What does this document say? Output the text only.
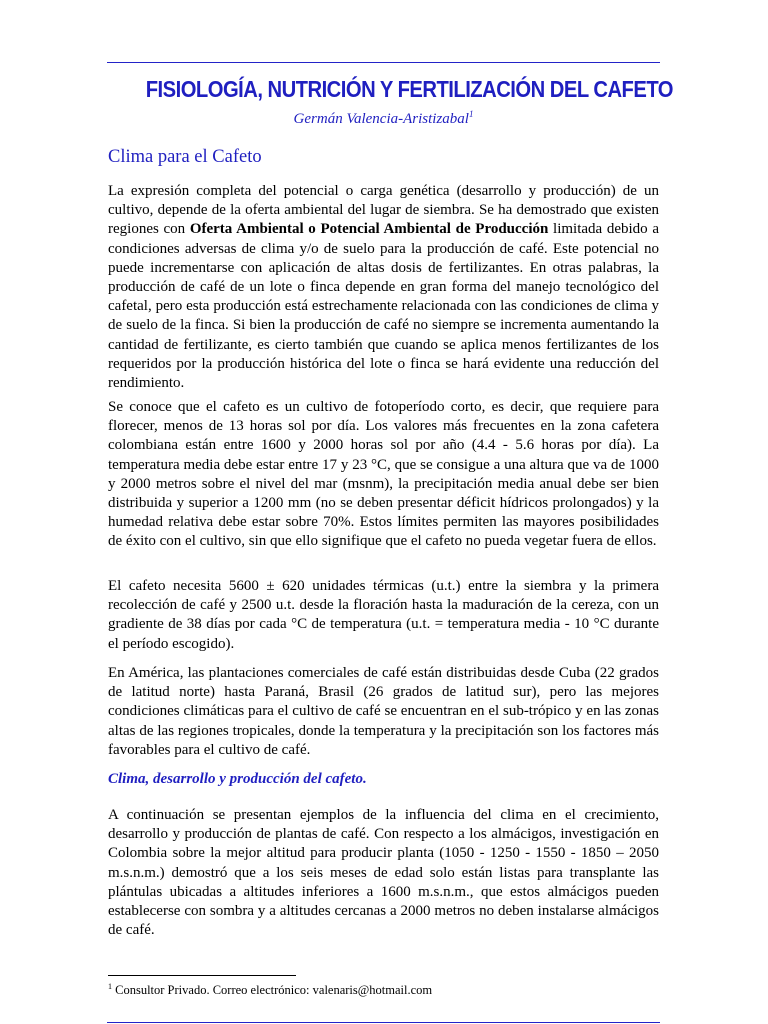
FISIOLOGÍA, NUTRICIÓN Y FERTILIZACIÓN DEL CAFETO
Germán Valencia-Aristizabal$^1$
Clima para el Cafeto

La expresión completa del potencial o carga genética (desarrollo y producción) de un cultivo, depende de la oferta ambiental del lugar de siembra. Se ha demostrado que existen regiones con Oferta Ambiental o Potencial Ambiental de Producción limitada debido a condiciones adversas de clima y/o de suelo para la producción de café. Este potencial no puede incrementarse con aplicación de altas dosis de fertilizantes. En otras palabras, la producción de café de un lote o finca depende en gran forma del manejo tecnológico del cafetal, pero esta producción está estrechamente relacionada con las condiciones de clima y de suelo de la finca. Si bien la producción de café no siempre se incrementa aumentando la cantidad de fertilizante, es cierto también que cuando se aplica menos fertilizantes de los requeridos por la producción histórica del lote o finca se hará evidente una reducción del rendimiento.

Se conoce que el cafeto es un cultivo de fotoperíodo corto, es decir, que requiere para florecer, menos de 13 horas sol por día. Los valores más frecuentes en la zona cafetera colombiana están entre 1600 y 2000 horas sol por año (4.4 - 5.6 horas por día). La temperatura media debe estar entre 17 y 23 °C, que se consigue a una altura que va de 1000 y 2000 metros sobre el nivel del mar (msnm), la precipitación media anual debe ser bien distribuida y superior a 1200 mm (no se deben presentar déficit hídricos prolongados) y la humedad relativa debe estar sobre 70%. Estos límites permiten las mayores posibilidades de éxito con el cultivo, sin que ello signifique que el cafeto no pueda vegetar fuera de ellos.

El cafeto necesita 5600 ± 620 unidades térmicas (u.t.) entre la siembra y la primera recolección de café y 2500 u.t. desde la floración hasta la maduración de la cereza, con un gradiente de 38 días por cada °C de temperatura (u.t. = temperatura media - 10 °C durante el período escogido).

En América, las plantaciones comerciales de café están distribuidas desde Cuba (22 grados de latitud norte) hasta Paraná, Brasil (26 grados de latitud sur), pero las mejores condiciones climáticas para el cultivo de café se encuentran en el sub-trópico y en las zonas altas de las regiones tropicales, donde la temperatura y la precipitación son los factores más favorables para el cultivo de café.

Clima, desarrollo y producción del cafeto.

A continuación se presentan ejemplos de la influencia del clima en el crecimiento, desarrollo y producción de plantas de café. Con respecto a los almácigos, investigación en Colombia sobre la mejor altitud para producir planta (1050 - 1250 - 1550 - 1850 – 2050 m.s.n.m.) demostró que a los seis meses de edad solo están listas para transplante las plántulas ubicadas a altitudes inferiores a 1600 m.s.n.m., que estos almácigos pueden establecerse con sombra y a altitudes cercanas a 2000 metros no deben instalarse almácigos de café.

$^1$ Consultor Privado. Correo electrónico: valenaris@hotmail.com
